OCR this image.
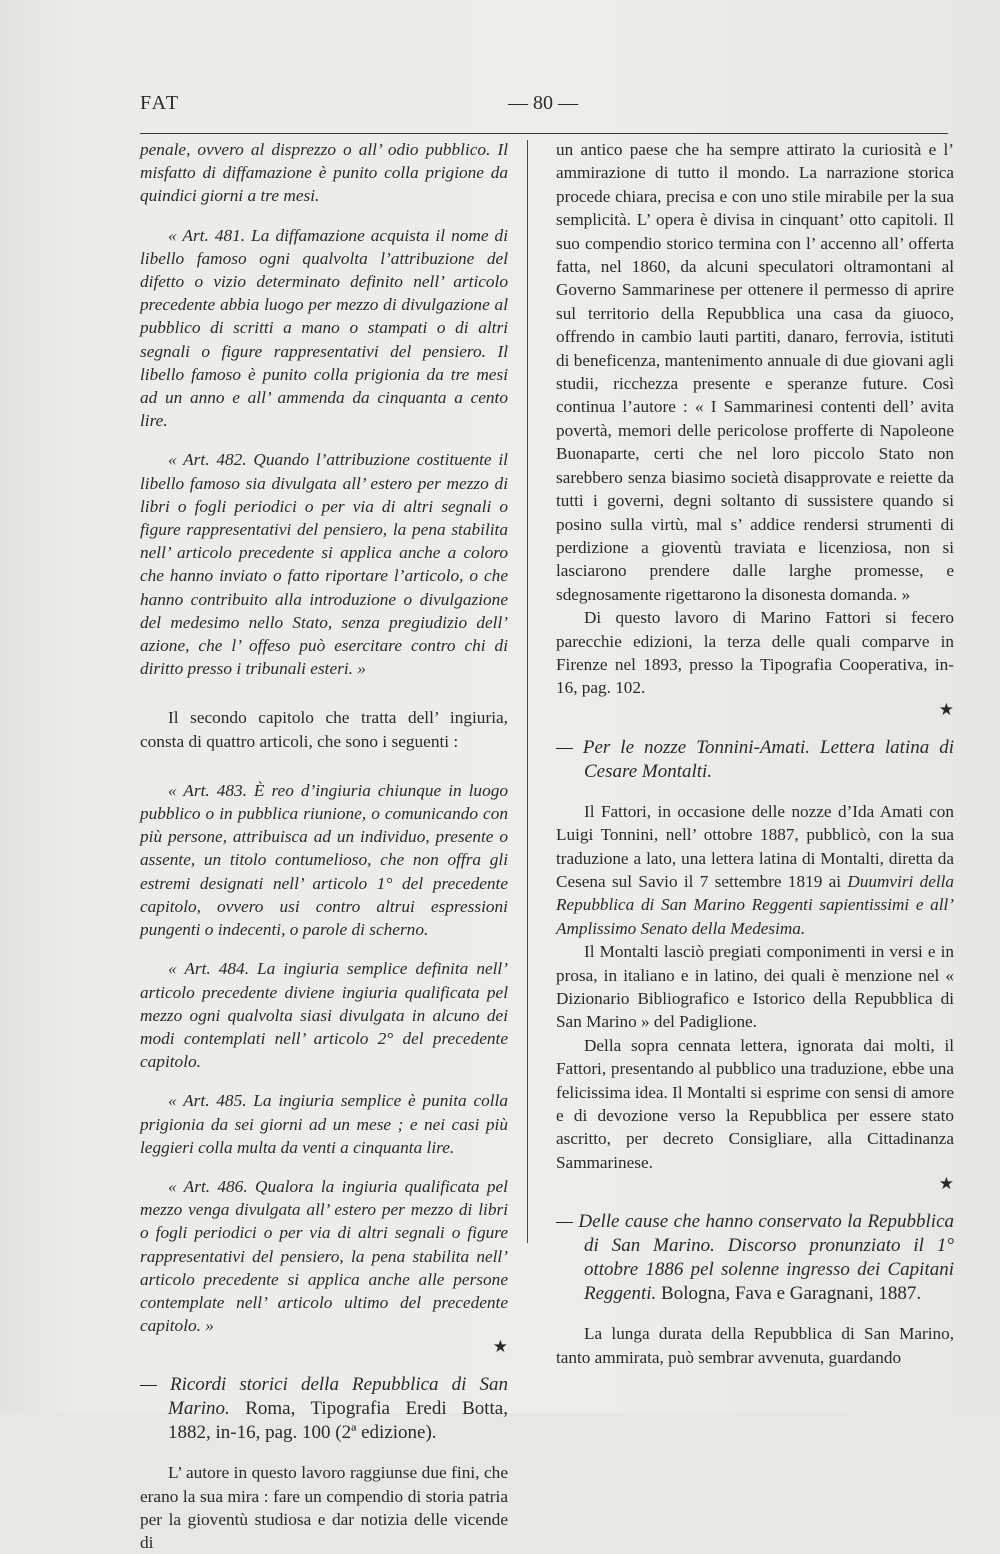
FAT	— 80 —

penale, ovvero al disprezzo o all’ odio pubblico. Il misfatto di diffamazione è punito colla prigione da quindici giorni a tre mesi.

« Art. 481. La diffamazione acquista il nome di libello famoso ogni qualvolta l’attribuzione del difetto o vizio determinato definito nell’ articolo precedente abbia luogo per mezzo di divulgazione al pubblico di scritti a mano o stampati o di altri segnali o figure rappresentativi del pensiero. Il libello famoso è punito colla prigionia da tre mesi ad un anno e all’ ammenda da cinquanta a cento lire.

« Art. 482. Quando l’attribuzione costituente il libello famoso sia divulgata all’ estero per mezzo di libri o fogli periodici o per via di altri segnali o figure rappresentativi del pensiero, la pena stabilita nell’ articolo precedente si applica anche a coloro che hanno inviato o fatto riportare l’articolo, o che hanno contribuito alla introduzione o divulgazione del medesimo nello Stato, senza pregiudizio dell’ azione, che l’ offeso può esercitare contro chi di diritto presso i tribunali esteri. »

Il secondo capitolo che tratta dell’ ingiuria, consta di quattro articoli, che sono i seguenti :

« Art. 483. È reo d’ingiuria chiunque in luogo pubblico o in pubblica riunione, o comunicando con più persone, attribuisca ad un individuo, presente o assente, un titolo contumelioso, che non offra gli estremi designati nell’ articolo 1° del precedente capitolo, ovvero usi contro altrui espressioni pungenti o indecenti, o parole di scherno.

« Art. 484. La ingiuria semplice definita nell’ articolo precedente diviene ingiuria qualificata pel mezzo ogni qualvolta siasi divulgata in alcuno dei modi contemplati nell’ articolo 2° del precedente capitolo.

« Art. 485. La ingiuria semplice è punita colla prigionia da sei giorni ad un mese ; e nei casi più leggieri colla multa da venti a cinquanta lire.

« Art. 486. Qualora la ingiuria qualificata pel mezzo venga divulgata all’ estero per mezzo di libri o fogli periodici o per via di altri segnali o figure rappresentativi del pensiero, la pena stabilita nell’ articolo precedente si applica anche alle persone contemplate nell’ articolo ultimo del precedente capitolo. »

★

— Ricordi storici della Repubblica di San Marino. Roma, Tipografia Eredi Botta, 1882, in-16, pag. 100 (2ª edizione).

L’ autore in questo lavoro raggiunse due fini, che erano la sua mira : fare un compendio di storia patria per la gioventù studiosa e dar notizia delle vicende di

un antico paese che ha sempre attirato la curiosità e l’ ammirazione di tutto il mondo. La narrazione storica procede chiara, precisa e con uno stile mirabile per la sua semplicità. L’ opera è divisa in cinquant’ otto capitoli. Il suo compendio storico termina con l’ accenno all’ offerta fatta, nel 1860, da alcuni speculatori oltramontani al Governo Sammarinese per ottenere il permesso di aprire sul territorio della Repubblica una casa da giuoco, offrendo in cambio lauti partiti, danaro, ferrovia, istituti di beneficenza, mantenimento annuale di due giovani agli studii, ricchezza presente e speranze future. Così continua l’autore : « I Sammarinesi contenti dell’ avita povertà, memori delle pericolose profferte di Napoleone Buonaparte, certi che nel loro piccolo Stato non sarebbero senza biasimo società disapprovate e reiette da tutti i governi, degni soltanto di sussistere quando si posino sulla virtù, mal s’ addice rendersi strumenti di perdizione a gioventù traviata e licenziosa, non si lasciarono prendere dalle larghe promesse, e sdegnosamente rigettarono la disonesta domanda. »

Di questo lavoro di Marino Fattori si fecero parecchie edizioni, la terza delle quali comparve in Firenze nel 1893, presso la Tipografia Cooperativa, in-16, pag. 102.

★

— Per le nozze Tonnini-Amati. Lettera latina di Cesare Montalti.

Il Fattori, in occasione delle nozze d’Ida Amati con Luigi Tonnini, nell’ ottobre 1887, pubblicò, con la sua traduzione a lato, una lettera latina di Montalti, diretta da Cesena sul Savio il 7 settembre 1819 ai Duumviri della Repubblica di San Marino Reggenti sapientissimi e all’ Amplissimo Senato della Medesima.

Il Montalti lasciò pregiati componimenti in versi e in prosa, in italiano e in latino, dei quali è menzione nel « Dizionario Bibliografico e Istorico della Repubblica di San Marino » del Padiglione.

Della sopra cennata lettera, ignorata dai molti, il Fattori, presentando al pubblico una traduzione, ebbe una felicissima idea. Il Montalti si esprime con sensi di amore e di devozione verso la Repubblica per essere stato ascritto, per decreto Consigliare, alla Cittadinanza Sammarinese.

★

— Delle cause che hanno conservato la Repubblica di San Marino. Discorso pronunziato il 1° ottobre 1886 pel solenne ingresso dei Capitani Reggenti. Bologna, Fava e Garagnani, 1887.

La lunga durata della Repubblica di San Marino, tanto ammirata, può sembrar avvenuta, guardando
